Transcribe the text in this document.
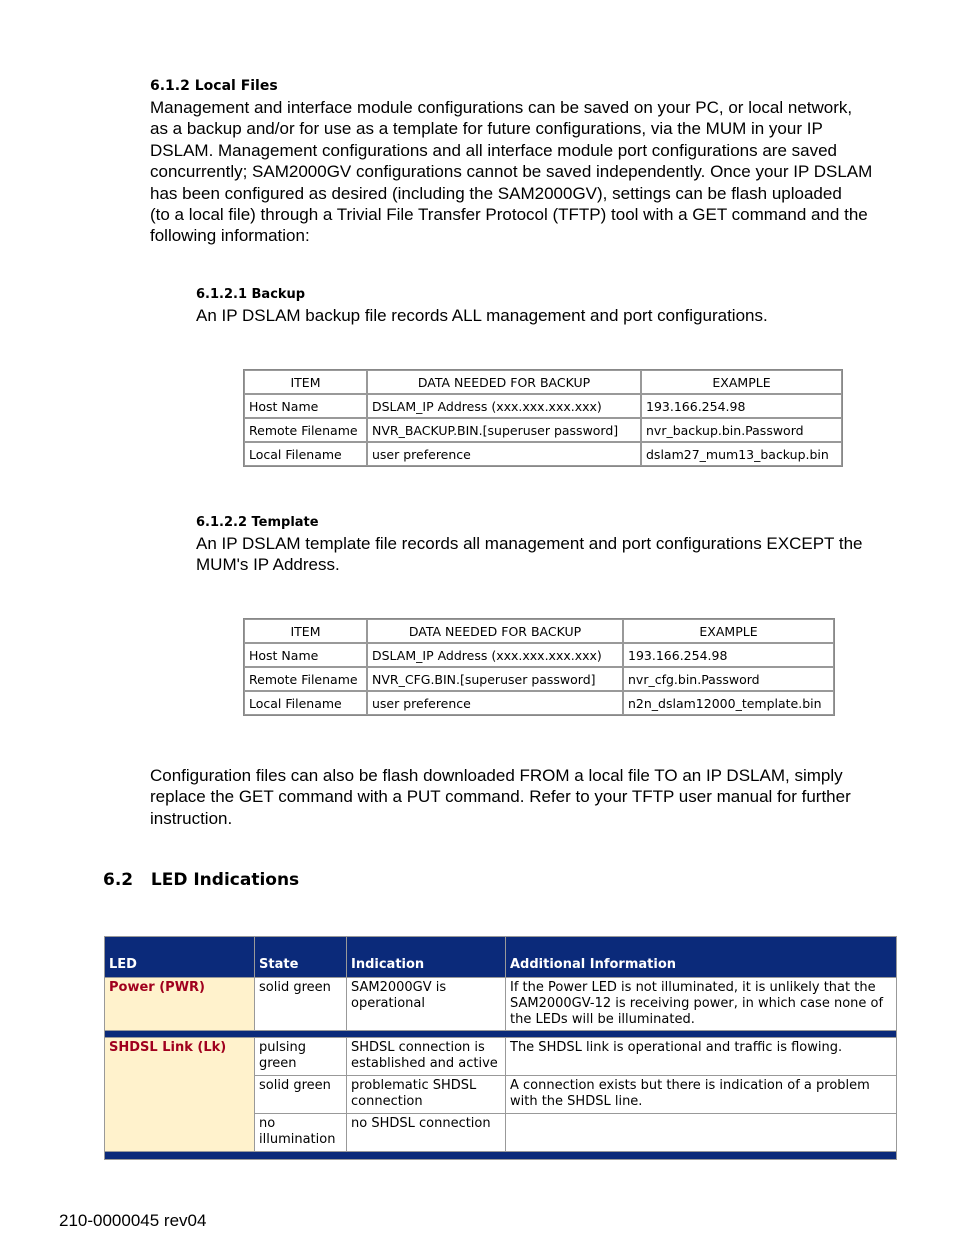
6.1.2 Local Files
Management and interface module configurations can be saved on your PC, or local network,
as a backup and/or for use as a template for future configurations, via the MUM in your IP
DSLAM. Management configurations and all interface module port configurations are saved
concurrently; SAM2000GV configurations cannot be saved independently. Once your IP DSLAM
has been configured as desired (including the SAM2000GV), settings can be flash uploaded
(to a local file) through a Trivial File Transfer Protocol (TFTP) tool with a GET command and the
following information:
6.1.2.1 Backup
An IP DSLAM backup file records ALL management and port configurations.
ITEM	DATA NEEDED FOR BACKUP	EXAMPLE
Host Name	DSLAM_IP Address (xxx.xxx.xxx.xxx)	193.166.254.98
Remote Filename	NVR_BACKUP.BIN.[superuser password]	nvr_backup.bin.Password
Local Filename	user preference	dslam27_mum13_backup.bin
6.1.2.2 Template
An IP DSLAM template file records all management and port configurations EXCEPT the
MUM's IP Address.
ITEM	DATA NEEDED FOR BACKUP	EXAMPLE
Host Name	DSLAM_IP Address (xxx.xxx.xxx.xxx)	193.166.254.98
Remote Filename	NVR_CFG.BIN.[superuser password]	nvr_cfg.bin.Password
Local Filename	user preference	n2n_dslam12000_template.bin
Configuration files can also be flash downloaded FROM a local file TO an IP DSLAM, simply
replace the GET command with a PUT command. Refer to your TFTP user manual for further
instruction.
6.2   LED Indications
LED	State	Indication	Additional Information
Power (PWR)	solid green	SAM2000GV is operational	If the Power LED is not illuminated, it is unlikely that the SAM2000GV-12 is receiving power, in which case none of the LEDs will be illuminated.

SHDSL Link (Lk)	pulsing green	SHDSL connection is established and active	The SHDSL link is operational and traffic is flowing.
	solid green	problematic SHDSL connection	A connection exists but there is indication of a problem with the SHDSL line.
	no illumination	no SHDSL connection	

210-0000045 rev04
